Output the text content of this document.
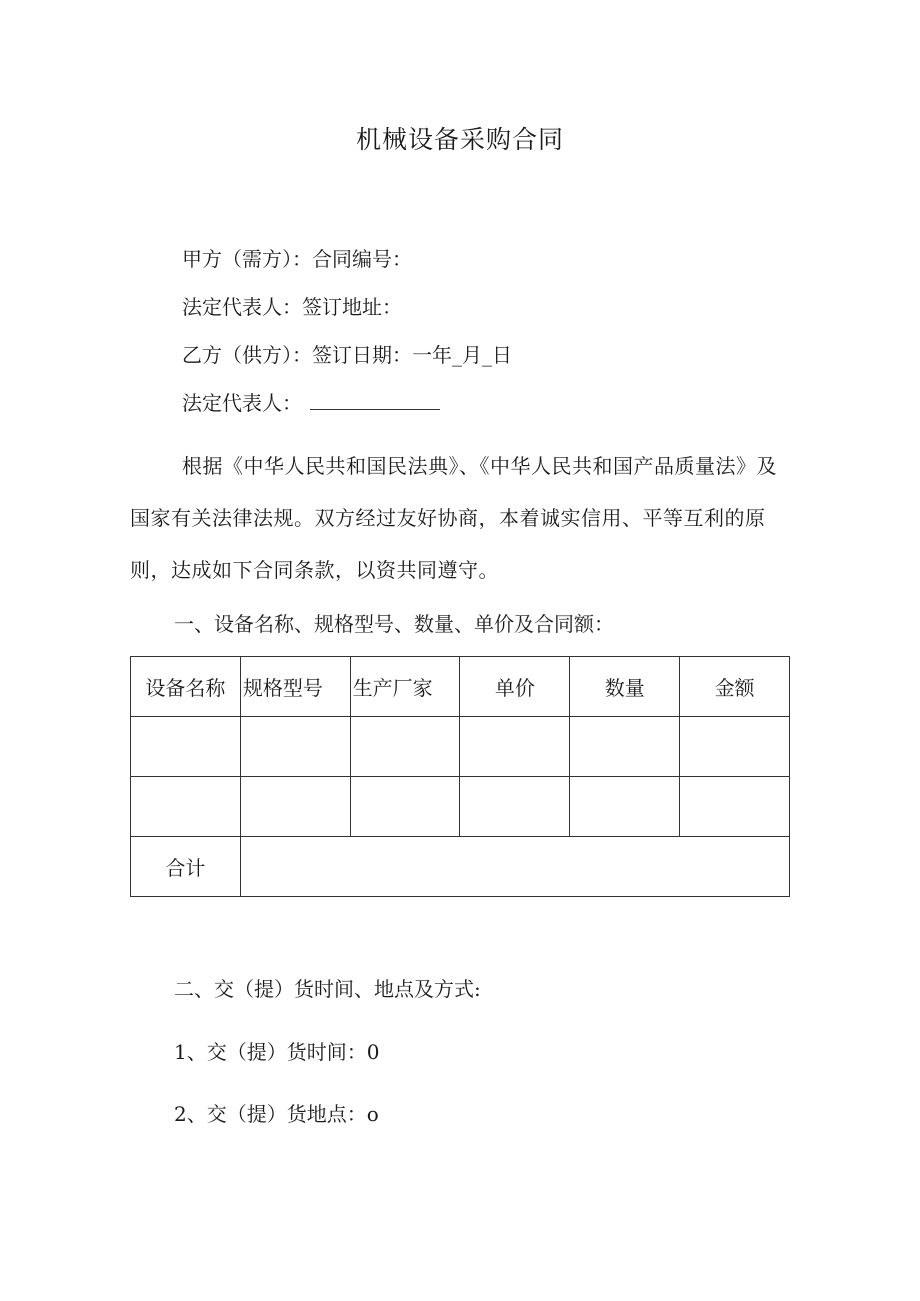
机械设备采购合同
甲方（需方）：合同编号：
法定代表人：签订地址：
乙方（供方）：签订日期：一年_月_日
法定代表人：
根据《中华人民共和国民法典》、《中华人民共和国产品质量法》及国家有关法律法规。双方经过友好协商，本着诚实信用、平等互利的原则，达成如下合同条款，以资共同遵守。
一、设备名称、规格型号、数量、单价及合同额：
设备名称	规格型号	生产厂家	单价	数量	金额

合计					
二、交（提）货时间、地点及方式:
1、交（提）货时间：0
2、交（提）货地点：o
